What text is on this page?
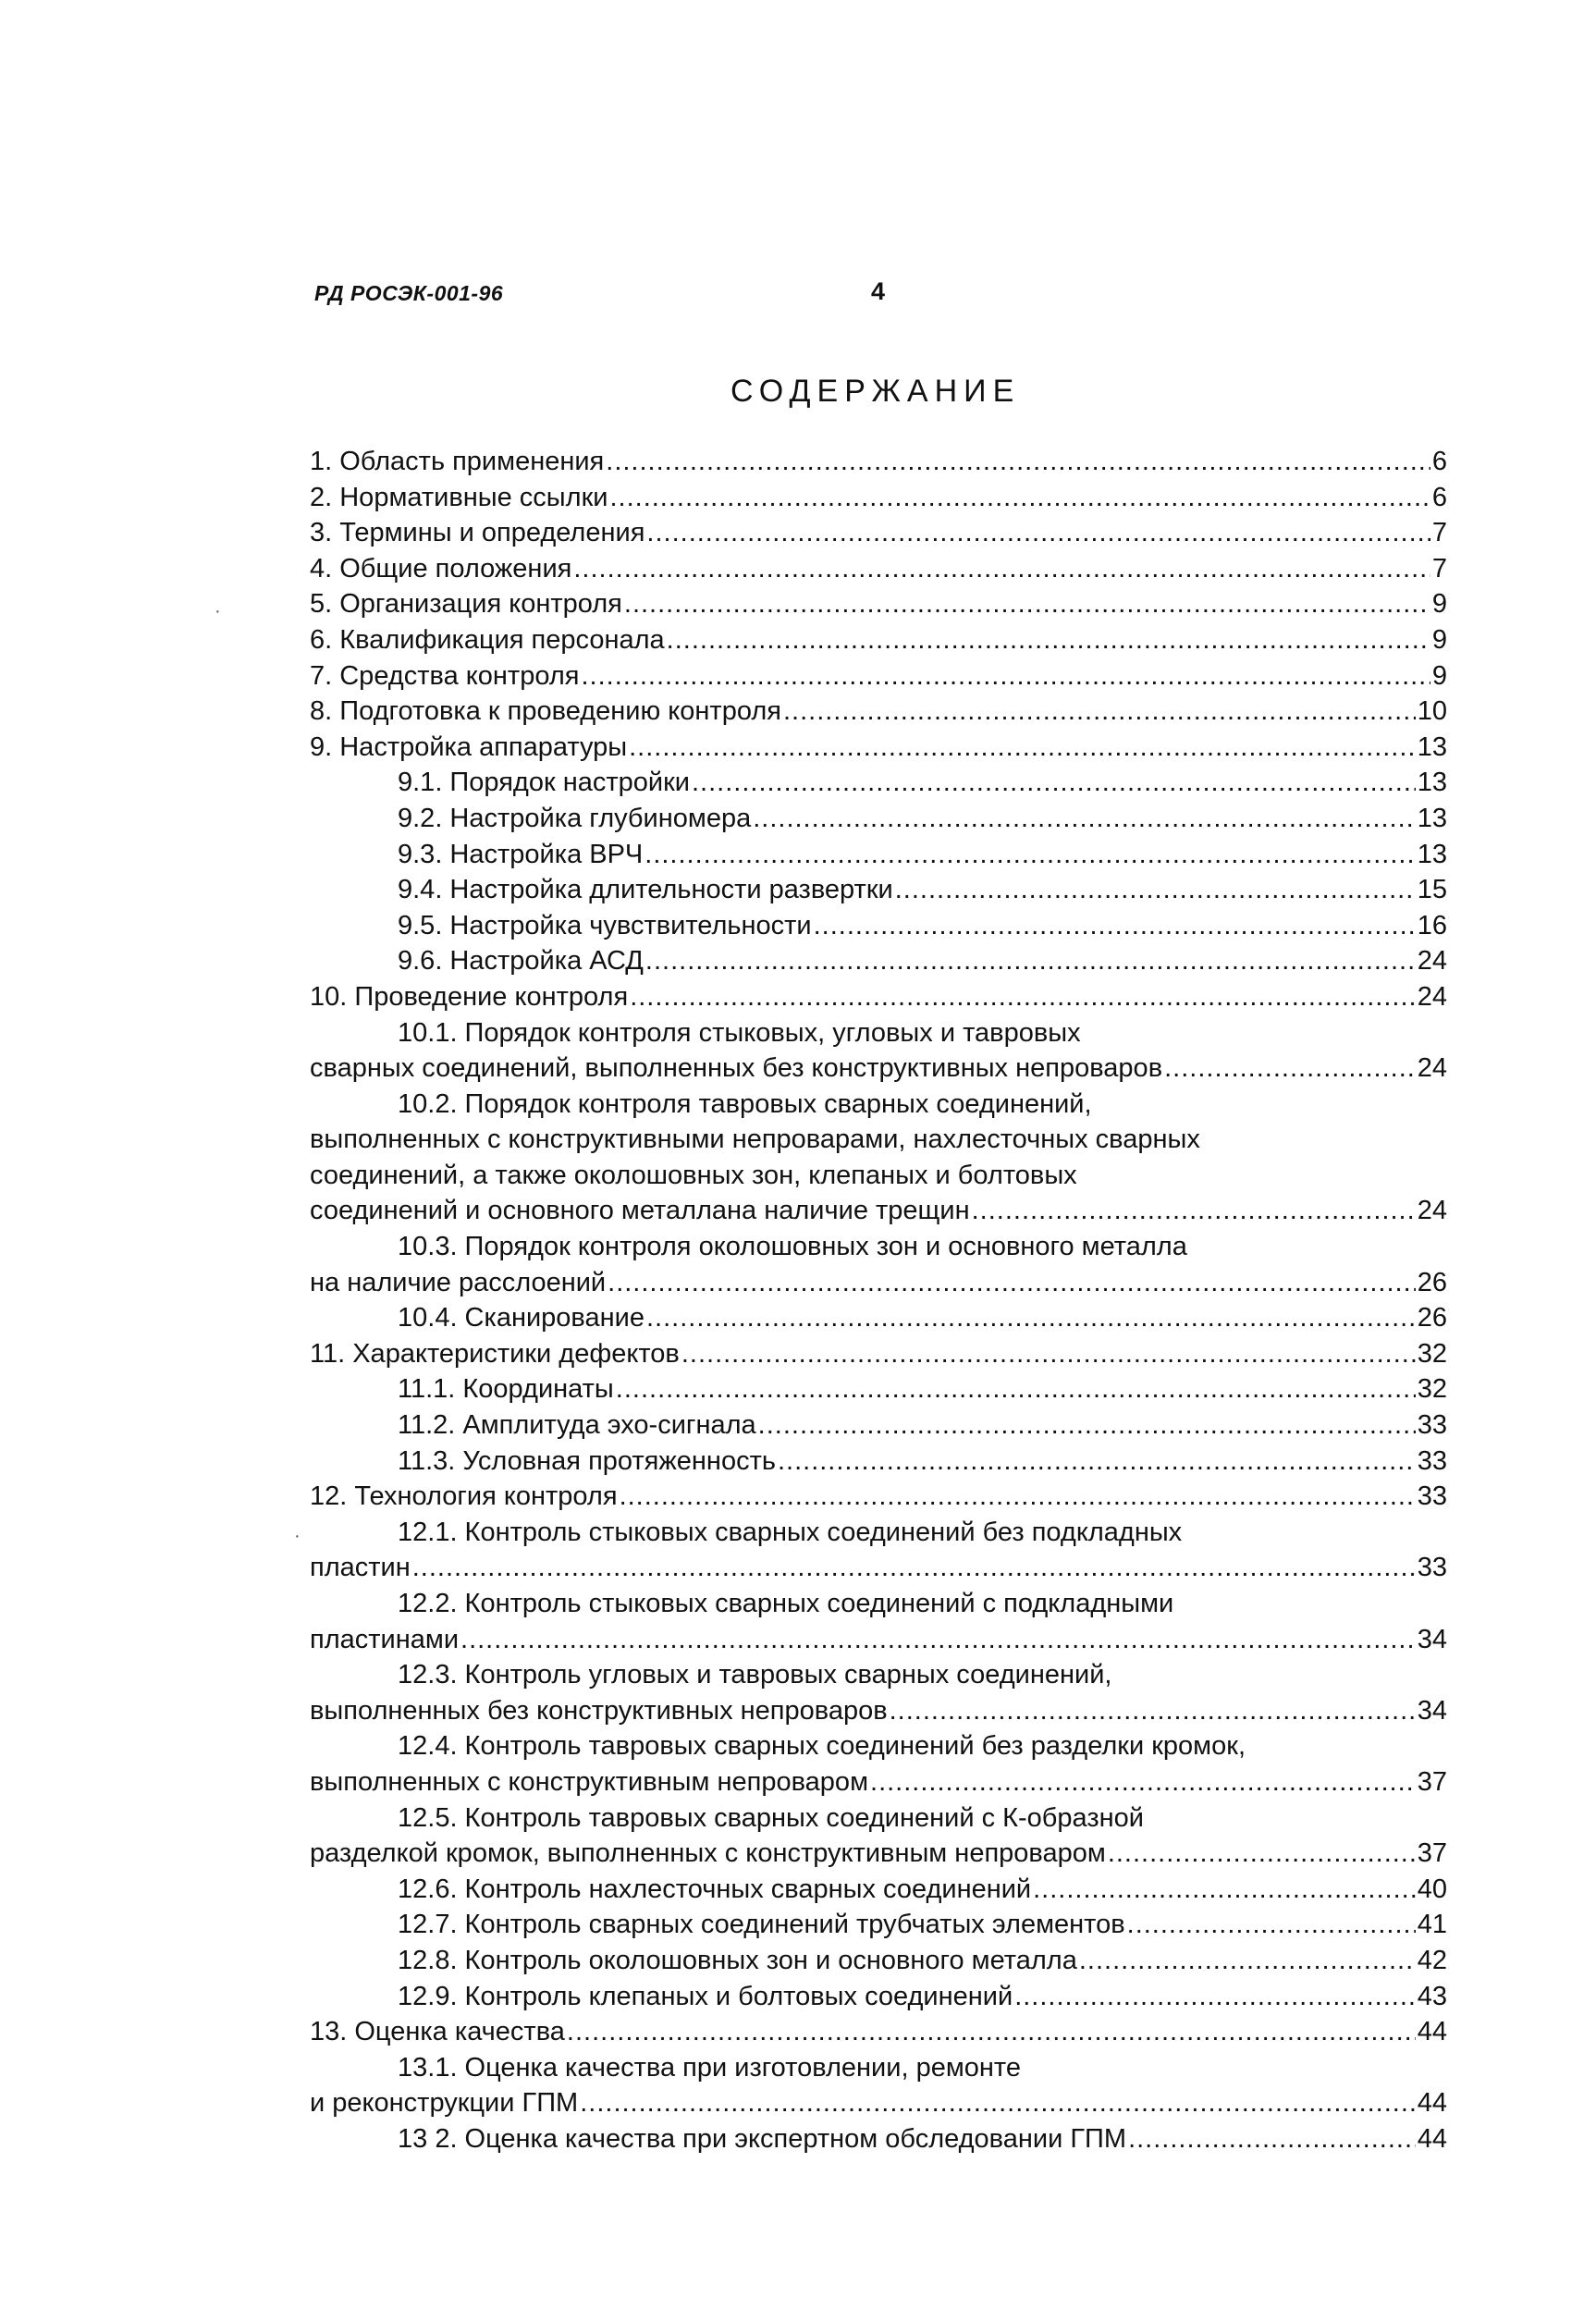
РД РОСЭК-001-96	4
СОДЕРЖАНИЕ
1. Область применения .....	6
2. Нормативные ссылки .....	6
3. Термины и определения .....	7
4. Общие положения .....	7
5. Организация контроля .....	9
6. Квалификация персонала .....	9
7. Средства контроля .....	9
8. Подготовка к проведению контроля .....	10
9. Настройка аппаратуры .....	13
9.1. Порядок настройки .....	13
9.2. Настройка глубиномера .....	13
9.3. Настройка ВРЧ .....	13
9.4. Настройка длительности развертки .....	15
9.5. Настройка чувствительности .....	16
9.6. Настройка АСД .....	24
10. Проведение контроля .....	24
10.1. Порядок контроля стыковых, угловых и тавровых
сварных соединений, выполненных без конструктивных непроваров .....	24
10.2. Порядок контроля тавровых сварных соединений,
выполненных с конструктивными непроварами, нахлесточных сварных
соединений, а также околошовных зон, клепаных и болтовых
соединений и основного металлана наличие трещин .....	24
10.3. Порядок контроля околошовных зон и основного металла
на наличие расслоений .....	26
10.4. Сканирование .....	26
11. Характеристики дефектов .....	32
11.1. Координаты .....	32
11.2. Амплитуда эхо-сигнала .....	33
11.3. Условная протяженность .....	33
12. Технология контроля .....	33
12.1. Контроль стыковых сварных соединений без подкладных
пластин .....	33
12.2. Контроль стыковых сварных соединений с подкладными
пластинами .....	34
12.3. Контроль угловых и тавровых сварных соединений,
выполненных без конструктивных непроваров .....	34
12.4. Контроль тавровых сварных соединений без разделки кромок,
выполненных с конструктивным непроваром .....	37
12.5. Контроль тавровых сварных соединений с К-образной
разделкой кромок, выполненных с конструктивным непроваром .....	37
12.6. Контроль нахлесточных сварных соединений .....	40
12.7. Контроль сварных соединений трубчатых элементов .....	41
12.8. Контроль околошовных зон и основного металла .....	42
12.9. Контроль клепаных и болтовых соединений .....	43
13. Оценка качества .....	44
13.1. Оценка качества при изготовлении, ремонте
и реконструкции ГПМ .....	44
13 2. Оценка качества при экспертном обследовании ГПМ .....	44
·
·
